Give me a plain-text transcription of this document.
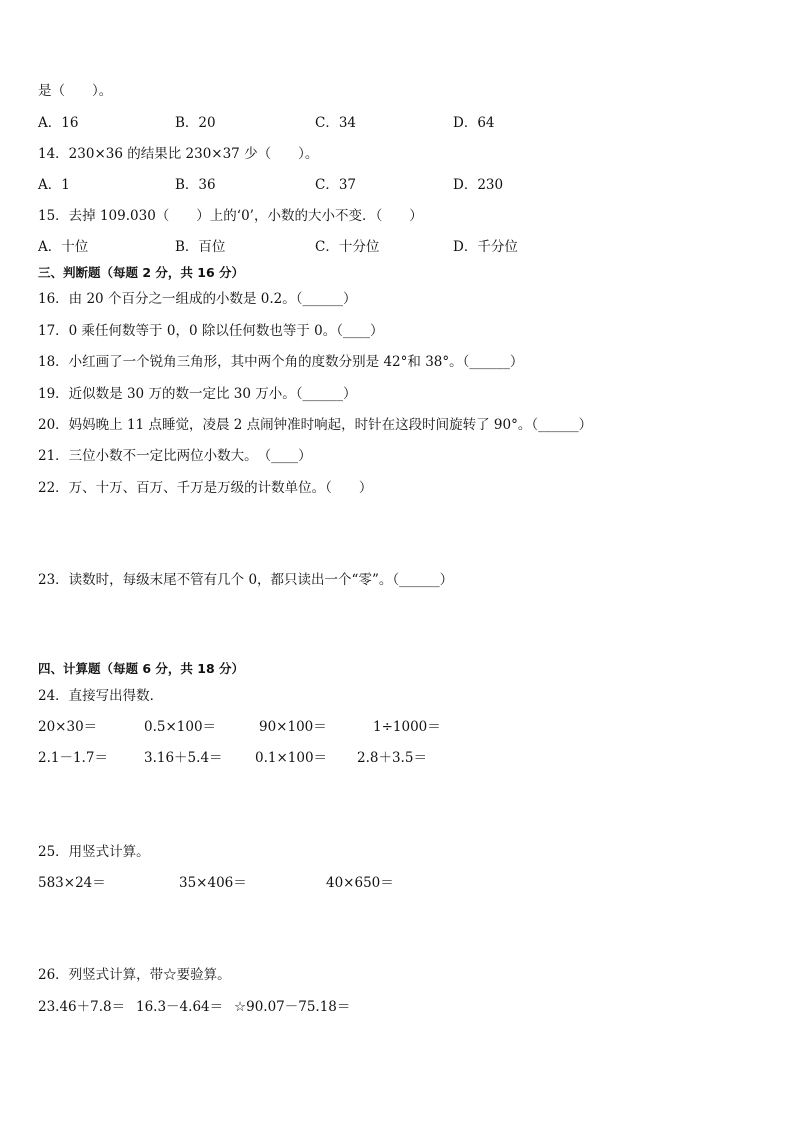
是（　　）。
A．16	B．20	C．34	D．64
14．230×36 的结果比 230×37 少（　　）。
A．1	B．36	C．37	D．230
15．去掉 109.030（　　）上的‘0’，小数的大小不变．（　　）
A．十位	B．百位	C．十分位	D．千分位
三、判断题（每题 2 分，共 16 分）
16．由 20 个百分之一组成的小数是 0.2。（______）
17．0 乘任何数等于 0，0 除以任何数也等于 0。（____）
18．小红画了一个锐角三角形，其中两个角的度数分别是 42°和 38°。（______）
19．近似数是 30 万的数一定比 30 万小。（______）
20．妈妈晚上 11 点睡觉，凌晨 2 点闹钟准时响起，时针在这段时间旋转了 90°。（______）
21．三位小数不一定比两位小数大。　（____）
22．万、十万、百万、千万是万级的计数单位。（　　）
23．读数时，每级末尾不管有几个 0，都只读出一个“零”。（______）
四、计算题（每题 6 分，共 18 分）
24．直接写出得数．
20×30＝	0.5×100＝	90×100＝	1÷1000＝
2.1－1.7＝	3.16＋5.4＝ 0.1×100＝ 2.8＋3.5＝
25．用竖式计算。
583×24＝	35×406＝	40×650＝
26．列竖式计算，带☆要验算。
23.46＋7.8＝ 16.3－4.64＝ ☆90.07－75.18＝
